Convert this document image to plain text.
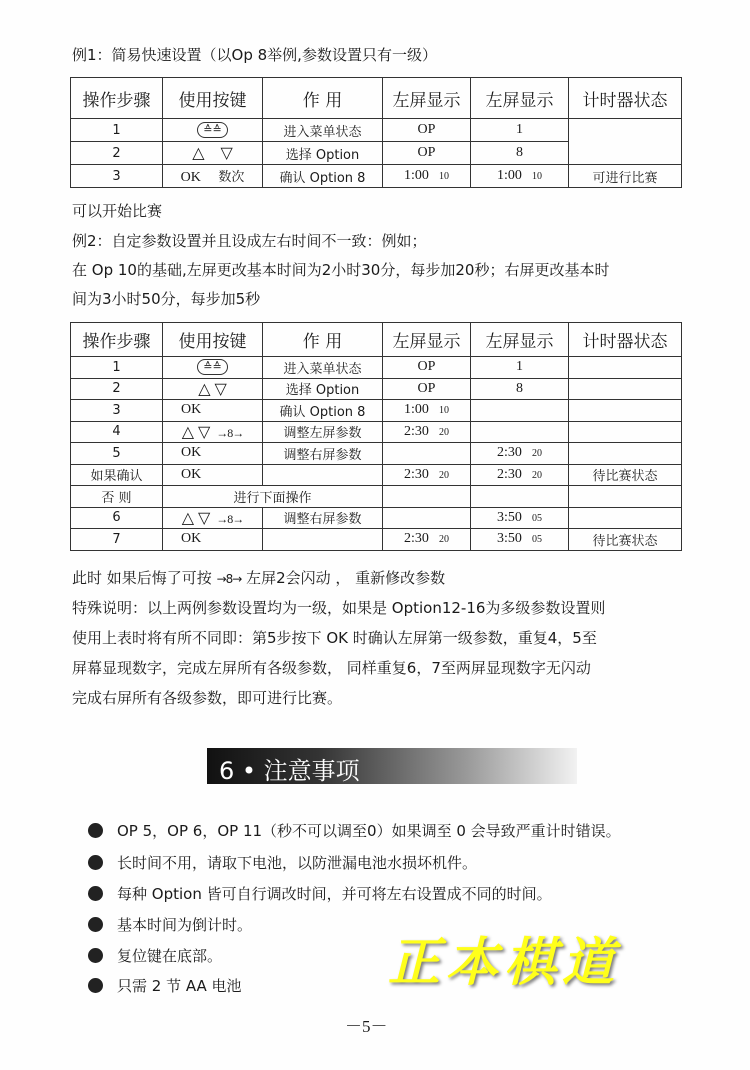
例1：简易快速设置（以Op 8举例,参数设置只有一级）
操作步骤	使用按键	作 用	左屏显示	左屏显示	计时器状态
1	≙≙	进入菜单状态	OP	1	
2	△ ▽	选择 Option	OP	8	
3	OK 数次	确认 Option 8	1:00 10	1:00 10	可进行比赛
可以开始比赛
例2：自定参数设置并且设成左右时间不一致：例如；
在 Op 10的基础,左屏更改基本时间为2小时30分，每步加20秒；右屏更改基本时
间为3小时50分，每步加5秒
操作步骤	使用按键	作 用	左屏显示	左屏显示	计时器状态
1	≙≙	进入菜单状态	OP	1	
2	△ ▽	选择 Option	OP	8	
3	OK	确认 Option 8	1:00 10		
4	△ ▽ →8→	调整左屏参数	2:30 20		
5	OK	调整右屏参数		2:30 20	
如果确认	OK		2:30 20	2:30 20	待比赛状态
否 则	进行下面操作				
6	△ ▽ →8→	调整右屏参数		3:50 05	
7	OK		2:30 20	3:50 05	待比赛状态
此时 如果后悔了可按 →8→ 左屏2会闪动 ， 重新修改参数
特殊说明：以上两例参数设置均为一级，如果是 Option12-16为多级参数设置则
使用上表时将有所不同即：第5步按下 OK 时确认左屏第一级参数，重复4，5至
屏幕显现数字，完成左屏所有各级参数， 同样重复6，7至两屏显现数字无闪动
完成右屏所有各级参数，即可进行比赛。
6 • 注意事项
OP 5，OP 6，OP 11（秒不可以调至0）如果调至 0 会导致严重计时错误。
长时间不用，请取下电池，以防泄漏电池水损坏机件。
每种 Option 皆可自行调改时间，并可将左右设置成不同的时间。
基本时间为倒计时。
复位键在底部。
只需 2 节 AA 电池	正本棋道
－5－
